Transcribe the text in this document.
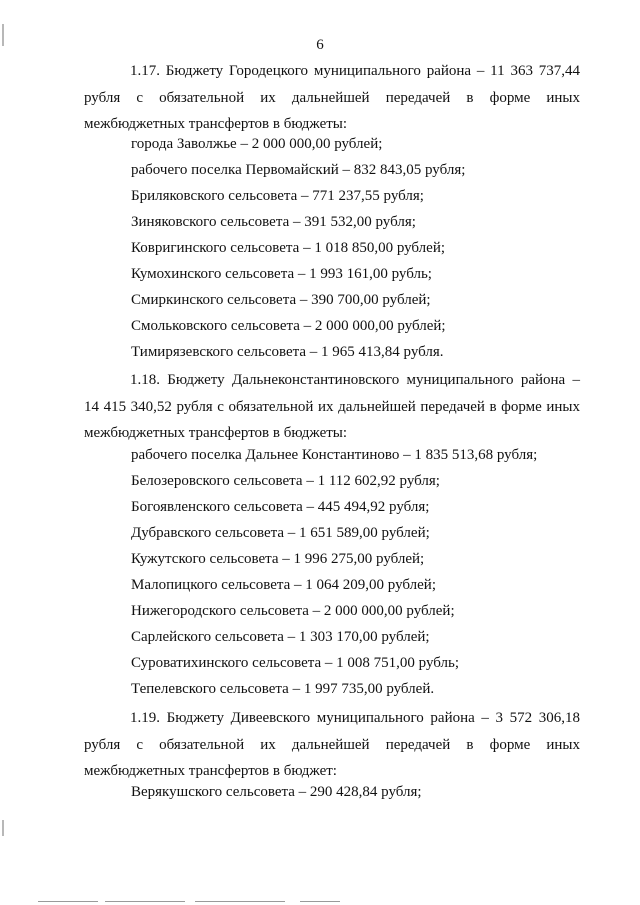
6

1.17. Бюджету Городецкого муниципального района – 11 363 737,44 рубля с обязательной их дальнейшей передачей в форме иных межбюджетных трансфертов в бюджеты:

города Заволжье – 2 000 000,00 рублей;
рабочего поселка Первомайский – 832 843,05 рубля;
Бриляковского сельсовета – 771 237,55 рубля;
Зиняковского сельсовета – 391 532,00 рубля;
Ковригинского сельсовета – 1 018 850,00 рублей;
Кумохинского сельсовета – 1 993 161,00 рубль;
Смиркинского сельсовета – 390 700,00 рублей;
Смольковского сельсовета – 2 000 000,00 рублей;
Тимирязевского сельсовета – 1 965 413,84 рубля.

1.18. Бюджету Дальнеконстантиновского муниципального района – 14 415 340,52 рубля с обязательной их дальнейшей передачей в форме иных межбюджетных трансфертов в бюджеты:

рабочего поселка Дальнее Константиново – 1 835 513,68 рубля;
Белозеровского сельсовета – 1 112 602,92 рубля;
Богоявленского сельсовета – 445 494,92 рубля;
Дубравского сельсовета – 1 651 589,00 рублей;
Кужутского сельсовета – 1 996 275,00 рублей;
Малопицкого сельсовета – 1 064 209,00 рублей;
Нижегородского сельсовета – 2 000 000,00 рублей;
Сарлейского сельсовета – 1 303 170,00 рублей;
Суроватихинского сельсовета – 1 008 751,00 рубль;
Тепелевского сельсовета – 1 997 735,00 рублей.

1.19. Бюджету Дивеевского муниципального района – 3 572 306,18 рубля с обязательной их дальнейшей передачей в форме иных межбюджетных трансфертов в бюджет:

Верякушского сельсовета – 290 428,84 рубля;
